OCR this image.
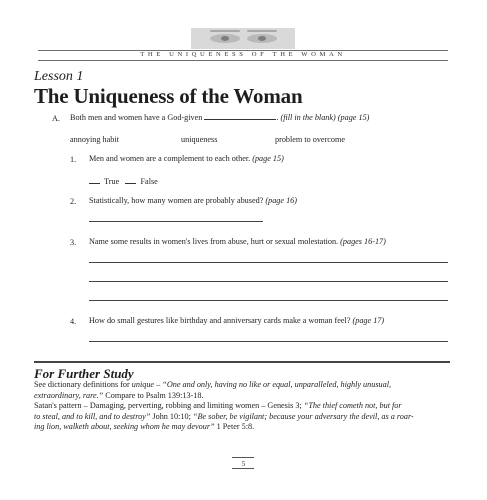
THE UNIQUENESS OF THE WOMAN
Lesson 1
The Uniqueness of the Woman
A. Both men and women have a God-given	. (fill in the blank) (page 15)
annoying habit	uniqueness	problem to overcome
1. Men and women are a complement to each other. (page 15)
True	False
2. Statistically, how many women are probably abused? (page 16)
3. Name some results in women's lives from abuse, hurt or sexual molestation. (pages 16-17)
4. How do small gestures like birthday and anniversary cards make a woman feel? (page 17)
For Further Study
See dictionary definitions for unique – “One and only, having no like or equal, unparalleled, highly unusual,
extraordinary, rare.” Compare to Psalm 139:13-18.
Satan's pattern – Damaging, perverting, robbing and limiting women – Genesis 3; “The thief cometh not, but for
to steal, and to kill, and to destroy” John 10:10; “Be sober, be vigilant; because your adversary the devil, as a roar-
ing lion, walketh about, seeking whom he may devour” 1 Peter 5:8.
5
